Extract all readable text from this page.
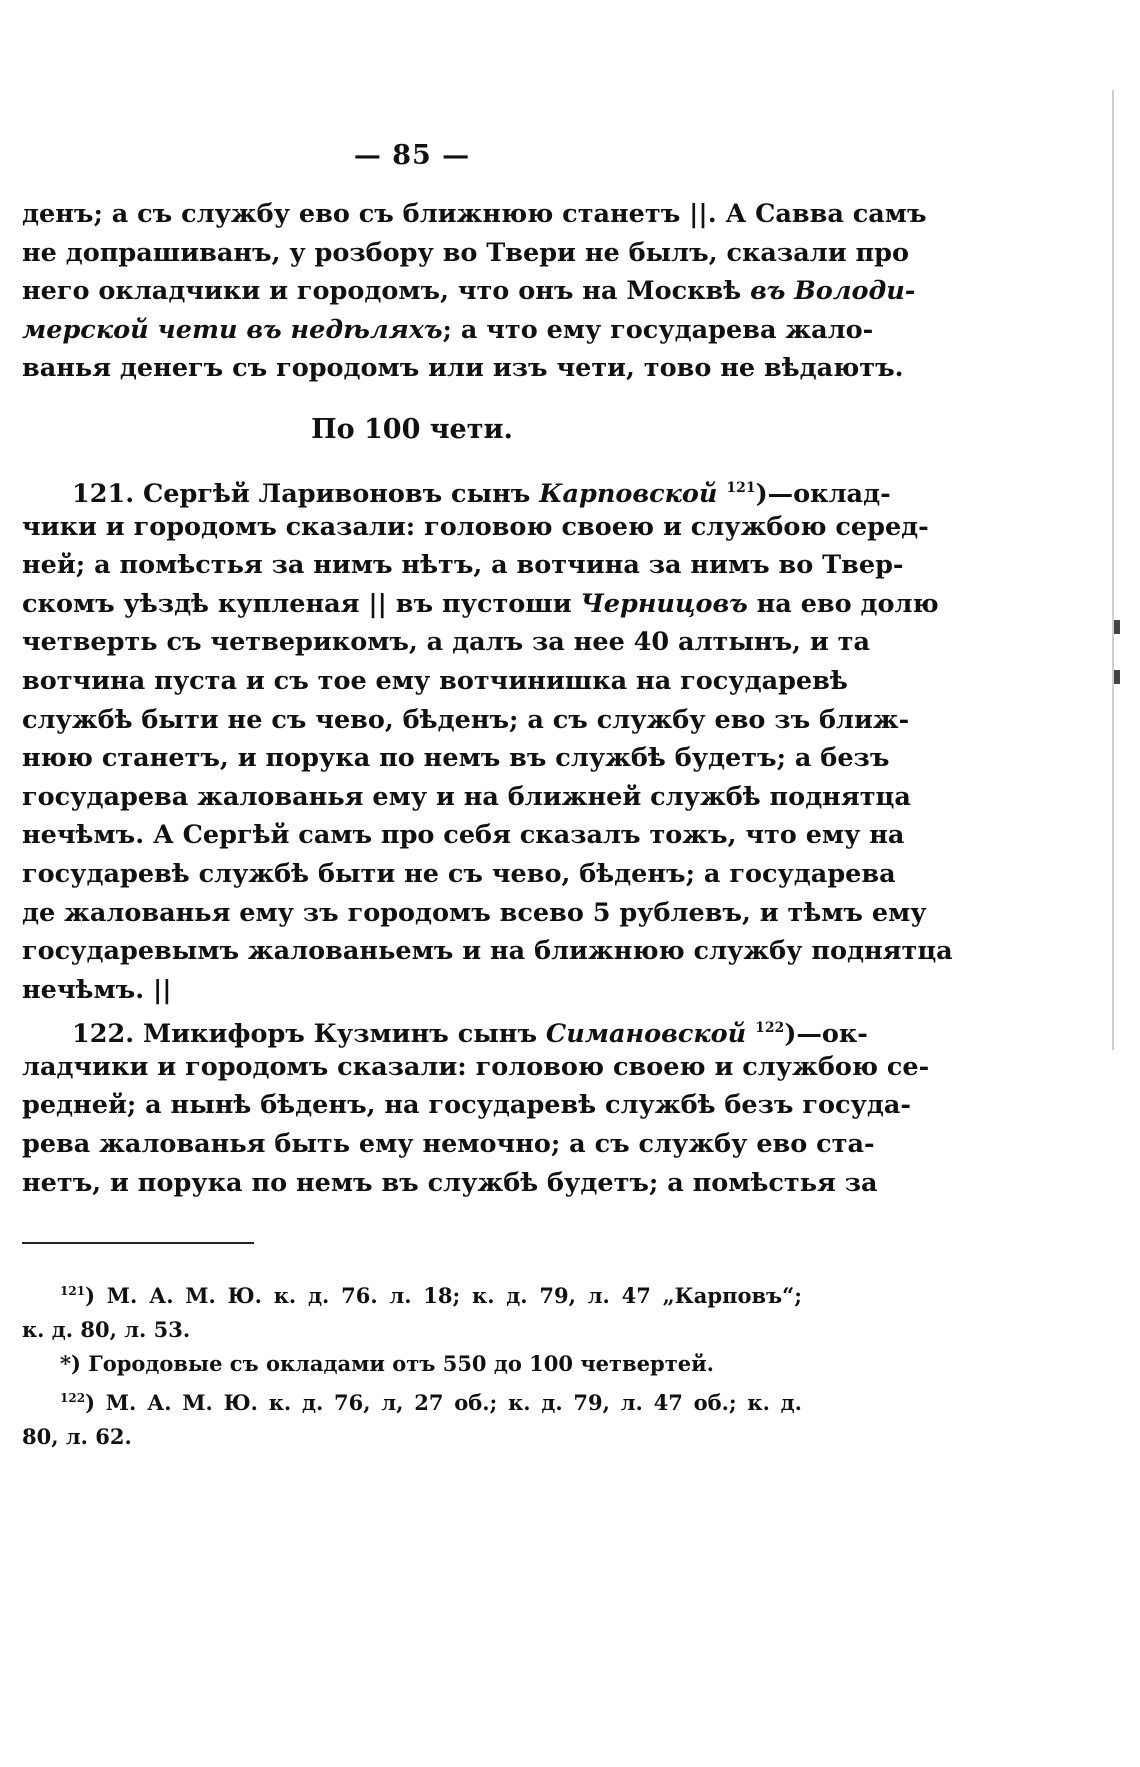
— 85 —
денъ; а съ службу ево съ ближнюю станетъ ||. А Савва самъ
не допрашиванъ, у розбору во Твери не былъ, сказали про
него окладчики и городомъ, что онъ на Москвѣ въ Володи-
мерской чети въ недѣляхъ; а что ему государева жало-
ванья денегъ съ городомъ или изъ чети, тово не вѣдаютъ.
По 100 чети.
121. Сергѣй Ларивоновъ сынъ Карповской $^{121}$)—оклад-
чики и городомъ сказали: головою своею и службою серед-
ней; а помѣстья за нимъ нѣтъ, а вотчина за нимъ во Твер-
скомъ уѣздѣ купленая || въ пустоши Черницовъ на ево долю
четверть съ четверикомъ, а далъ за нее 40 алтынъ, и та
вотчина пуста и съ тое ему вотчинишка на государевѣ
службѣ быти не съ чево, бѣденъ; а съ службу ево зъ ближ-
нюю станетъ, и порука по немъ въ службѣ будетъ; а безъ
государева жалованья ему и на ближней службѣ поднятца
нечѣмъ. А Сергѣй самъ про себя сказалъ тожъ, что ему на
государевѣ службѣ быти не съ чево, бѣденъ; а государева
де жалованья ему зъ городомъ всево 5 рублевъ, и тѣмъ ему
государевымъ жалованьемъ и на ближнюю службу поднятца
нечѣмъ. ||
122. Микифоръ Кузминъ сынъ Симановской $^{122}$)—ок-
ладчики и городомъ сказали: головою своею и службою се-
редней; а нынѣ бѣденъ, на государевѣ службѣ безъ госуда-
рева жалованья быть ему немочно; а съ службу ево ста-
нетъ, и порука по немъ въ службѣ будетъ; а помѣстья за
$^{121}$) М. А. М. Ю. к. д. 76. л. 18; к. д. 79, л. 47 „Карповъ“;
к. д. 80, л. 53.
*) Городовые съ окладами отъ 550 до 100 четвертей.
$^{122}$) М. А. М. Ю. к. д. 76, л, 27 об.; к. д. 79, л. 47 об.; к. д.
80, л. 62.
